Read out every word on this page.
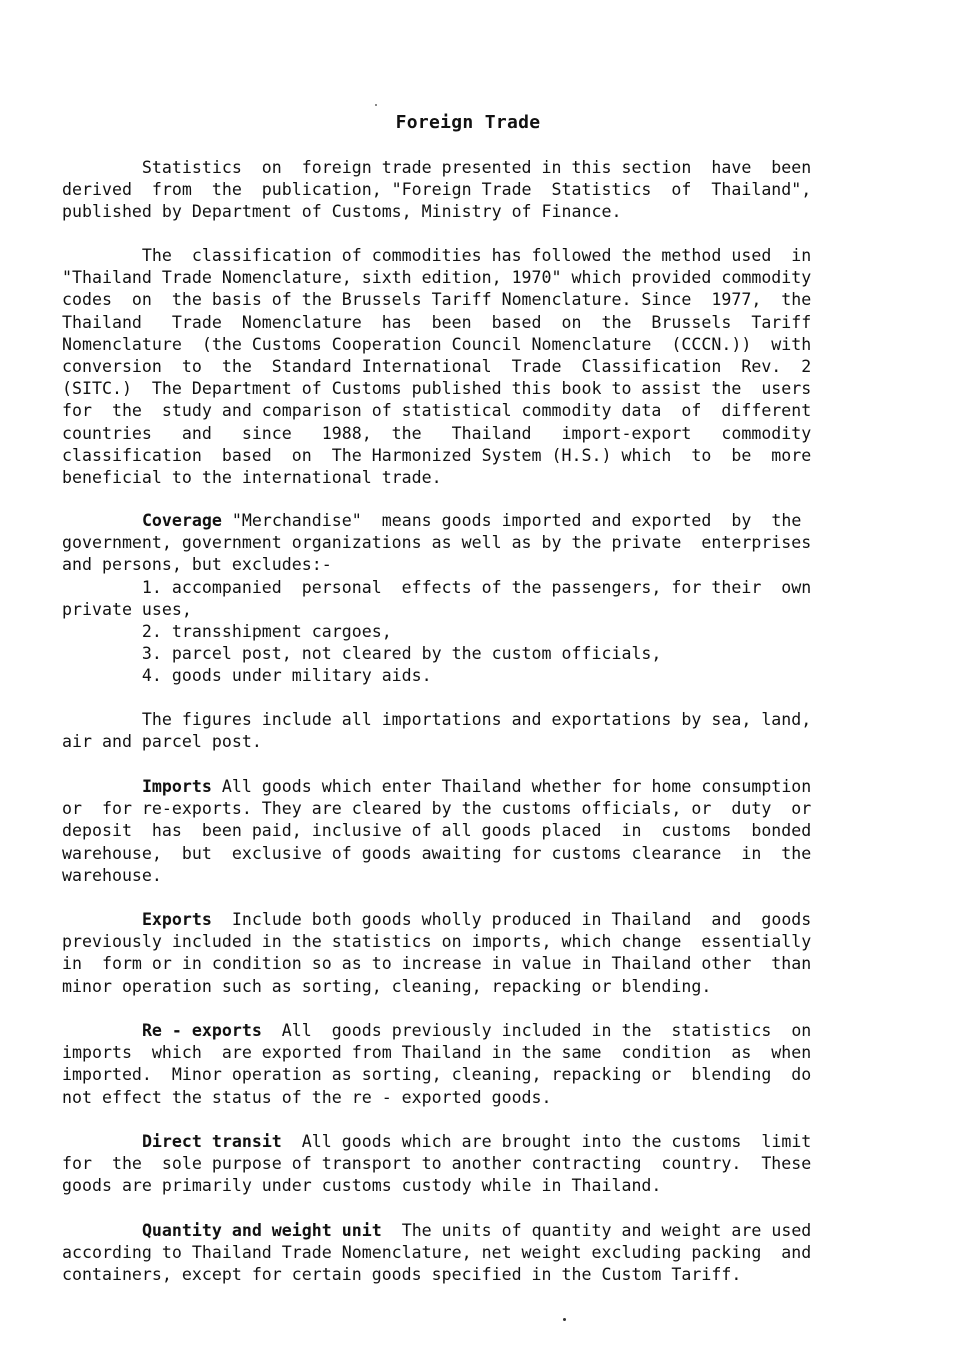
Foreign Trade

Statistics  on  foreign trade presented in this section  have  been
derived  from  the  publication, "Foreign Trade  Statistics  of  Thailand",
published by Department of Customs, Ministry of Finance.

The  classification of commodities has followed the method used  in
"Thailand Trade Nomenclature, sixth edition, 1970" which provided commodity
codes  on  the basis of the Brussels Tariff Nomenclature. Since  1977,  the
Thailand   Trade  Nomenclature  has  been  based  on  the  Brussels  Tariff
Nomenclature  (the Customs Cooperation Council Nomenclature  (CCCN.))  with
conversion  to  the  Standard International  Trade  Classification  Rev.  2
(SITC.)  The Department of Customs published this book to assist the  users
for  the  study and comparison of statistical commodity data  of  different
countries   and   since   1988,  the   Thailand   import-export   commodity
classification  based  on  The Harmonized System (H.S.) which  to  be  more
beneficial to the international trade.

Coverage "Merchandise"  means goods imported and exported  by  the
government, government organizations as well as by the private  enterprises
and persons, but excludes:-
1. accompanied  personal  effects of the passengers, for their  own
private uses,
2. transshipment cargoes,
3. parcel post, not cleared by the custom officials,
4. goods under military aids.

The figures include all importations and exportations by sea, land,
air and parcel post.

Imports All goods which enter Thailand whether for home consumption
or  for re-exports. They are cleared by the customs officials, or  duty  or
deposit  has  been paid, inclusive of all goods placed  in  customs  bonded
warehouse,  but  exclusive of goods awaiting for customs clearance  in  the
warehouse.

Exports  Include both goods wholly produced in Thailand  and  goods
previously included in the statistics on imports, which change  essentially
in  form or in condition so as to increase in value in Thailand other  than
minor operation such as sorting, cleaning, repacking or blending.

Re - exports  All  goods previously included in the  statistics  on
imports  which  are exported from Thailand in the same  condition  as  when
imported.  Minor operation as sorting, cleaning, repacking or  blending  do
not effect the status of the re - exported goods.

Direct transit  All goods which are brought into the customs  limit
for  the  sole purpose of transport to another contracting  country.  These
goods are primarily under customs custody while in Thailand.

Quantity and weight unit  The units of quantity and weight are used
according to Thailand Trade Nomenclature, net weight excluding packing  and
containers, except for certain goods specified in the Custom Tariff.
